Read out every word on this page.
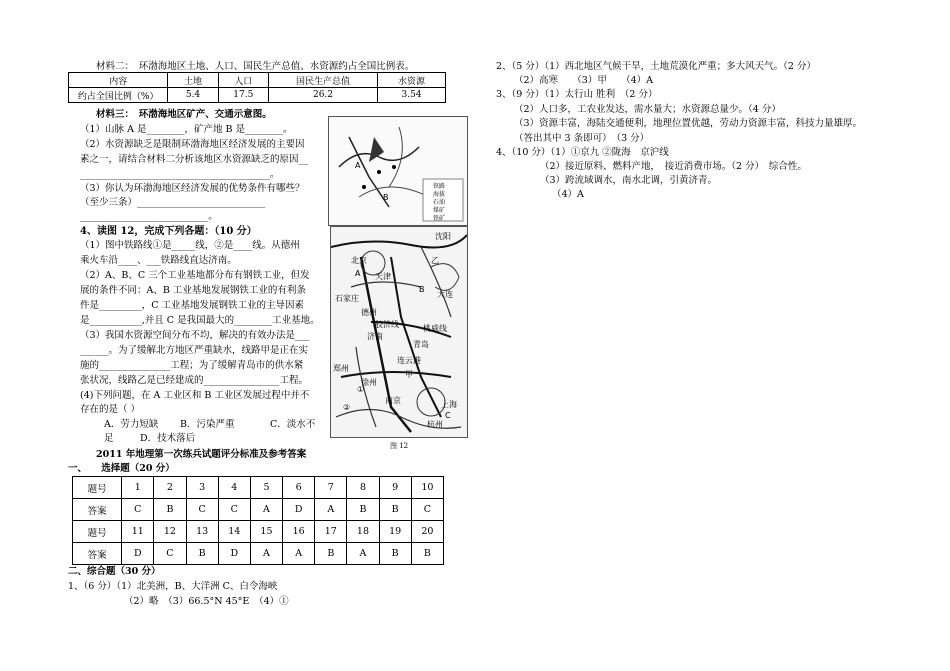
材料二：　环渤海地区土地、人口、国民生产总值、水资源约占全国比例表。
内容	土地	人口	国民生产总值	水资源
约占全国比例（%）	5.4	17.5	26.2	3.54
材料三：　环渤海地区矿产、交通示意图。
（1）山脉 A 是________，矿产地 B 是________。
（2）水资源缺乏是限制环渤海地区经济发展的主要因
素之一，请结合材料二分析该地区水资源缺乏的原因__
________________________________________。
（3）你认为环渤海地区经济发展的优势条件有哪些？
（至少三条）___________________________
___________________________。
4、读图 12，完成下列各题：（10 分）
（1）图中铁路线①是_____线，②是____线。从德州
乘火车沿____、___铁路线直达济南。
（2）A、B、C 三个工业基地都分布有钢铁工业，但发
展的条件不同：A、B 工业基地发展钢铁工业的有利条
件是_________，C 工业基地发展钢铁工业的主导因素
是___________,并且 C 是我国最大的________工业基地。
（3）我国水资源空间分布不均，解决的有效办法是___
______。为了缓解北方地区严重缺水，线路甲是正在实
施的_______________工程；为了缓解青岛市的供水紧
张状况，线路乙是已经建成的________________工程。
(4)下列问题，在 A 工业区和 B 工业区发展过程中并不
存在的是（ ）
A．劳力短缺 B．污染严重	C．淡水不
足	D．技术落后
2011 年地理第一次练兵试题评分标准及参考答案
一、　　选择题（20 分）
题号	1	2	3	4	5	6	7	8	9	10
答案	C	B	C	C	A	D	A	B	B	C
题号	11	12	13	14	15	16	17	18	19	20
答案	D	C	B	D	A	A	B	A	B	B
二、综合题（30 分）
1、（6 分）（1）北美洲，B、大洋洲 C、白令海峡
（2）略　（3）66.5°N 45°E　（4）①
A
B
铁路
海拔
石油
煤矿
铁矿
沈阳
北京
天津
大连
石家庄
德州
济南
青岛
胶济线
连云港
郑州
徐州
南京	上海
杭州
桃威线
A
B
C
甲
乙
①
②
图 12
2、（5 分）（1）西北地区气候干旱，土地荒漠化严重；多大风天气。（2 分）
（2）高寒　　（3）甲　　（4）A
3、（9 分）（1）太行山 胜利　（2 分）
（2）人口多，工农业发达，需水量大；水资源总量少。（4 分）
（3）资源丰富，海陆交通便利，地理位置优越，劳动力资源丰富，科技力量雄厚。
（答出其中 3 条即可）　（3 分）
4、（10 分）（1）①京九 ②陇海　京沪线
（2）接近原料、燃料产地，　接近消费市场。（2 分）　综合性。
（3）跨流域调水，南水北调，引黄济青。
（4）A
